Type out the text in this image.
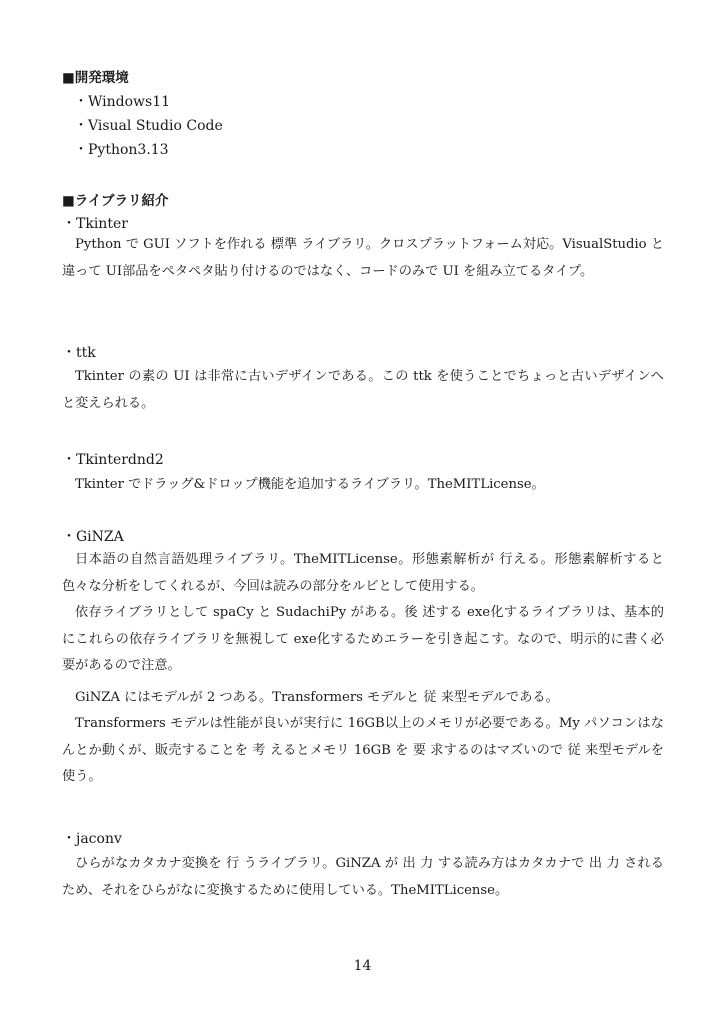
■開発環境
・Windows11
・Visual Studio Code
・Python3.13
■ライブラリ紹介
・Tkinter
Python で GUI ソフトを作れる 標準 ライブラリ。クロスプラットフォーム対応。VisualStudio と違って UI部品をペタペタ貼り付けるのではなく、コードのみで UI を組み立てるタイプ。
・ttk
Tkinter の素の UI は非常に古いデザインである。この ttk を使うことでちょっと古いデザインへと変えられる。
・Tkinterdnd2
Tkinter でドラッグ&ドロップ機能を追加するライブラリ。TheMITLicense。
・GiNZA
日本語の自然言語処理ライブラリ。TheMITLicense。形態素解析が 行える。形態素解析すると色々な分析をしてくれるが、今回は読みの部分をルビとして使用する。
依存ライブラリとして spaCy と SudachiPy がある。後 述する exe化するライブラリは、基本的にこれらの依存ライブラリを無視して exe化するためエラーを引き起こす。なので、明示的に書く必要があるので注意。
GiNZA にはモデルが 2 つある。Transformers モデルと 従 来型モデルである。
Transformers モデルは性能が良いが実行に 16GB以上のメモリが必要である。My パソコンはなんとか動くが、販売することを 考 えるとメモリ 16GB を 要 求するのはマズいので 従 来型モデルを使う。
・jaconv
ひらがなカタカナ変換を 行 うライブラリ。GiNZA が 出 力 する読み方はカタカナで 出 力 されるため、それをひらがなに変換するために使用している。TheMITLicense。
14
